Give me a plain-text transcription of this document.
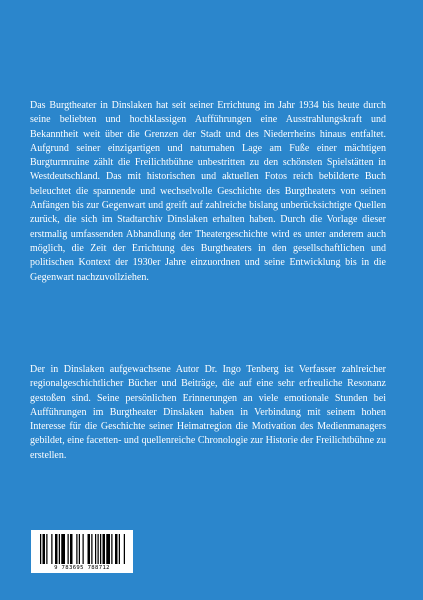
Das Burgtheater in Dinslaken hat seit seiner Errichtung im Jahr 1934 bis heute durch seine beliebten und hochklassigen Aufführungen eine Ausstrahlungskraft und Bekanntheit weit über die Grenzen der Stadt und des Niederrheins hinaus entfaltet. Aufgrund seiner einzigartigen und naturnahen Lage am Fuße einer mächtigen Burgturmruine zählt die Freilichtbühne unbestritten zu den schönsten Spielstätten in Westdeutschland. Das mit historischen und aktuellen Fotos reich bebilderte Buch beleuchtet die spannende und wechselvolle Geschichte des Burgtheaters von seinen Anfängen bis zur Gegenwart und greift auf zahlreiche bislang unberücksichtigte Quellen zurück, die sich im Stadtarchiv Dinslaken erhalten haben. Durch die Vorlage dieser erstmalig umfassenden Abhandlung der Theatergeschichte wird es unter anderem auch möglich, die Zeit der Errichtung des Burgtheaters in den gesellschaftlichen und politischen Kontext der 1930er Jahre einzuordnen und seine Entwicklung bis in die Gegenwart nachzuvollziehen.
Der in Dinslaken aufgewachsene Autor Dr. Ingo Tenberg ist Verfasser zahlreicher regionalgeschichtlicher Bücher und Beiträge, die auf eine sehr erfreuliche Resonanz gestoßen sind. Seine persönlichen Erinnerungen an viele emotionale Stunden bei Aufführungen im Burgtheater Dinslaken haben in Verbindung mit seinem hohen Interesse für die Geschichte seiner Heimatregion die Motivation des Medienmanagers gebildet, eine facetten- und quellenreiche Chronologie zur Historie der Freilichtbühne zu erstellen.
9 783695 788712
